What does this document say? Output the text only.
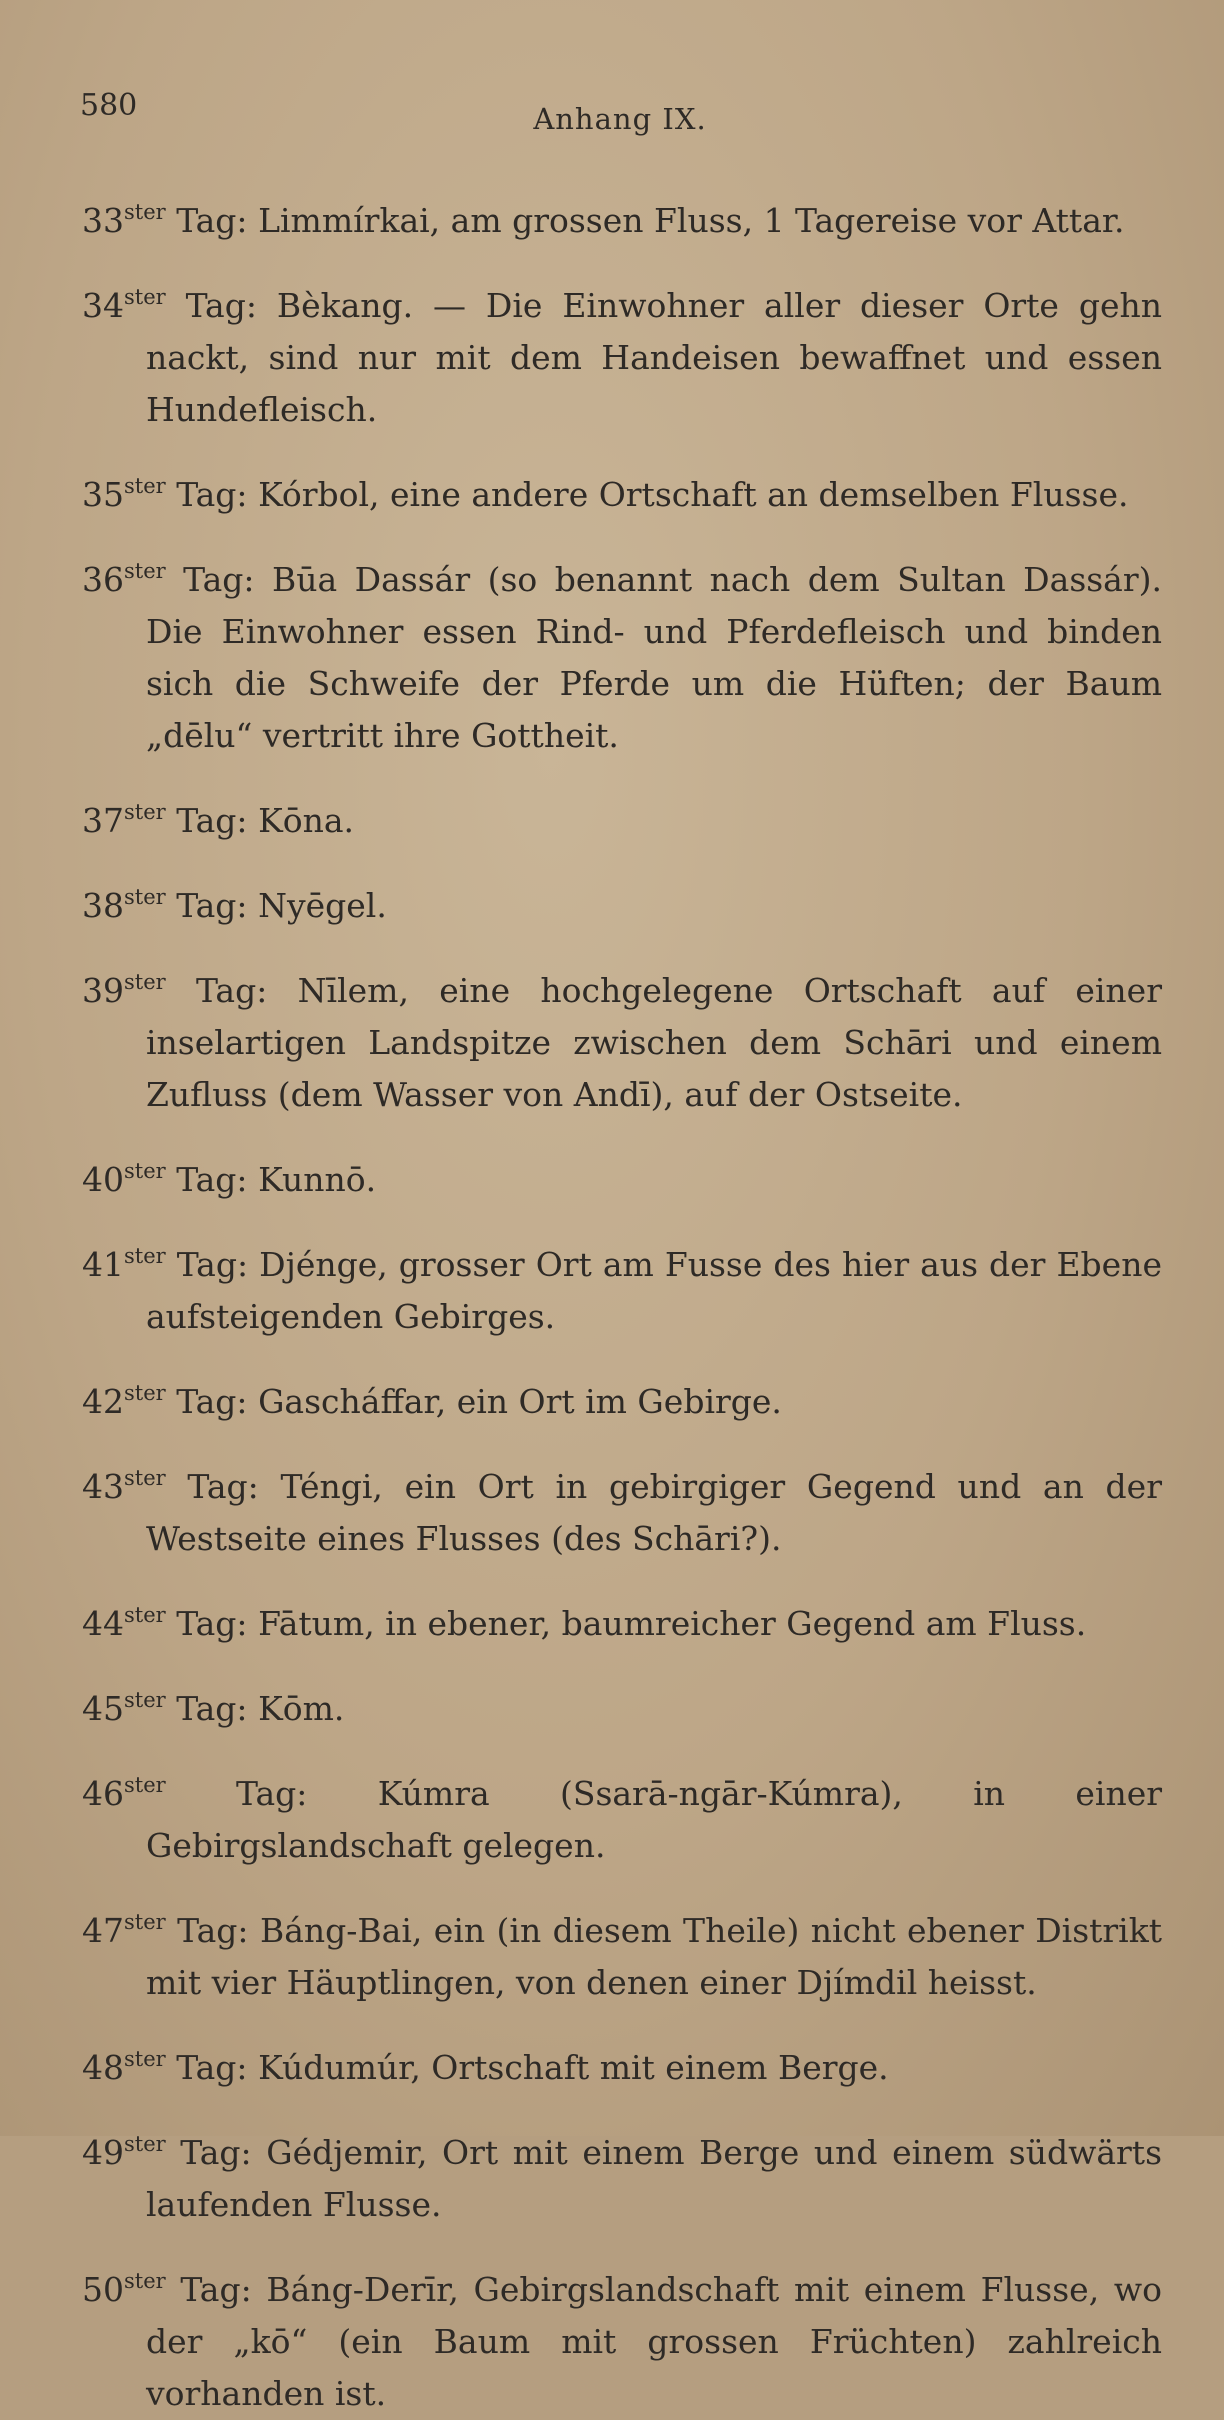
580	Anhang IX.

$33^{ster}$ Tag: Limmírkai, am grossen Fluss, 1 Tagereise vor Attar.

$34^{ster}$ Tag: Bèkang. — Die Einwohner aller dieser Orte gehn nackt, sind nur mit dem Handeisen bewaffnet und essen Hundefleisch.

$35^{ster}$ Tag: Kórbol, eine andere Ortschaft an demselben Flusse.

$36^{ster}$ Tag: Būa Dassár (so benannt nach dem Sultan Dassár). Die Einwohner essen Rind- und Pferdefleisch und binden sich die Schweife der Pferde um die Hüften; der Baum „dēlu“ vertritt ihre Gottheit.

$37^{ster}$ Tag: Kōna.

$38^{ster}$ Tag: Nyēgel.

$39^{ster}$ Tag: Nīlem, eine hochgelegene Ortschaft auf einer inselartigen Landspitze zwischen dem Schāri und einem Zufluss (dem Wasser von Andī), auf der Ostseite.

$40^{ster}$ Tag: Kunnō.

$41^{ster}$ Tag: Djénge, grosser Ort am Fusse des hier aus der Ebene aufsteigenden Gebirges.

$42^{ster}$ Tag: Gascháffar, ein Ort im Gebirge.

$43^{ster}$ Tag: Téngi, ein Ort in gebirgiger Gegend und an der Westseite eines Flusses (des Schāri?).

$44^{ster}$ Tag: Fātum, in ebener, baumreicher Gegend am Fluss.

$45^{ster}$ Tag: Kōm.

$46^{ster}$ Tag: Kúmra (Ssarā-ngār-Kúmra), in einer Gebirgslandschaft gelegen.

$47^{ster}$ Tag: Báng-Bai, ein (in diesem Theile) nicht ebener Distrikt mit vier Häuptlingen, von denen einer Djímdil heisst.

$48^{ster}$ Tag: Kúdumúr, Ortschaft mit einem Berge.

$49^{ster}$ Tag: Gédjemir, Ort mit einem Berge und einem südwärts laufenden Flusse.

$50^{ster}$ Tag: Báng-Derīr, Gebirgslandschaft mit einem Flusse, wo der „kō“ (ein Baum mit grossen Früchten) zahlreich vorhanden ist.
